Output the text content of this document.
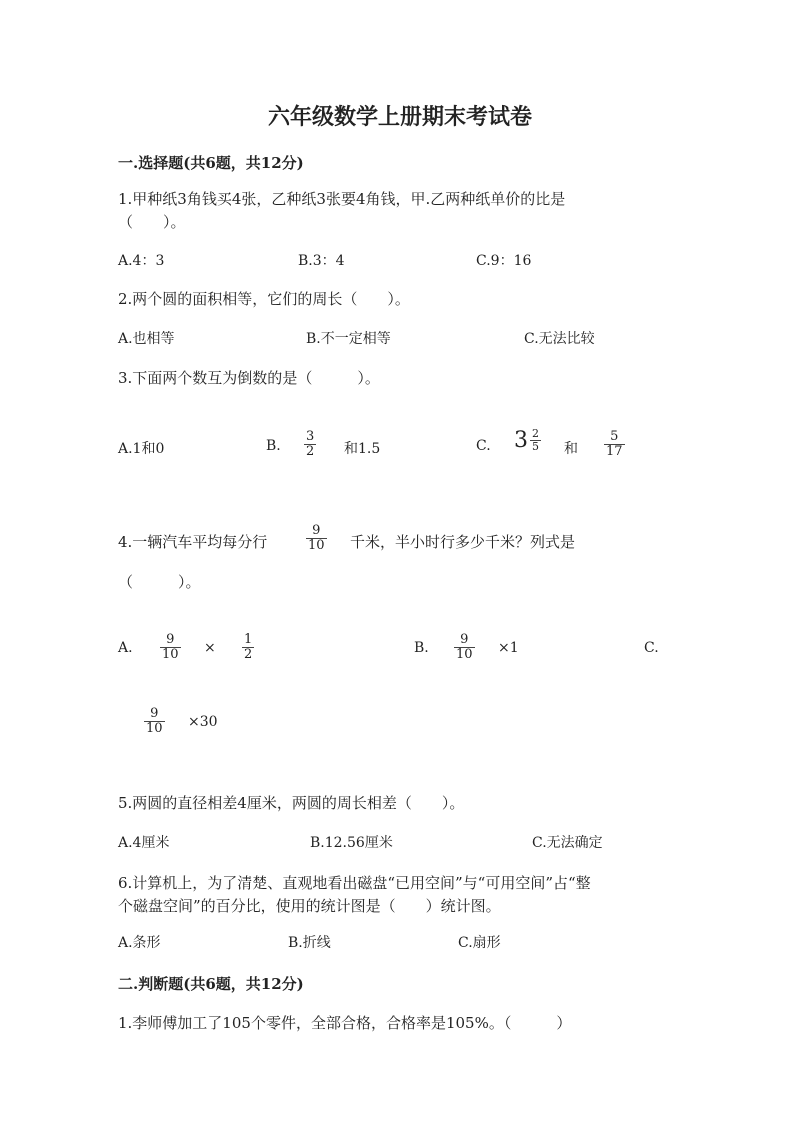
六年级数学上册期末考试卷
一.选择题(共6题，共12分)
1.甲种纸3角钱买4张，乙种纸3张要4角钱，甲.乙两种纸单价的比是
（　　）。
A.4：3	B.3：4	C.9：16
2.两个圆的面积相等，它们的周长（　　）。
A.也相等	B.不一定相等	C.无法比较
3.下面两个数互为倒数的是（　　　）。
A.1和0	B. $\frac{3}{2}$ 和1.5	C. $3 \frac{2}{5}$ 和 $\frac{5}{17}$
4.一辆汽车平均每分行	$\frac{9}{10}$ 千米，半小时行多少千米？列式是
（　　　）。
A. $\frac{9}{10} \times \frac{1}{2}$	B. $\frac{9}{10} \times 1$	C.
$\frac{9}{10} \times 30$
5.两圆的直径相差4厘米，两圆的周长相差（　　）。
A.4厘米	B.12.56厘米	C.无法确定
6.计算机上，为了清楚、直观地看出磁盘“已用空间”与“可用空间”占“整
个磁盘空间”的百分比，使用的统计图是（　　）统计图。
A.条形	B.折线	C.扇形
二.判断题(共6题，共12分)
1.李师傅加工了105个零件，全部合格，合格率是105%。（　　　）
